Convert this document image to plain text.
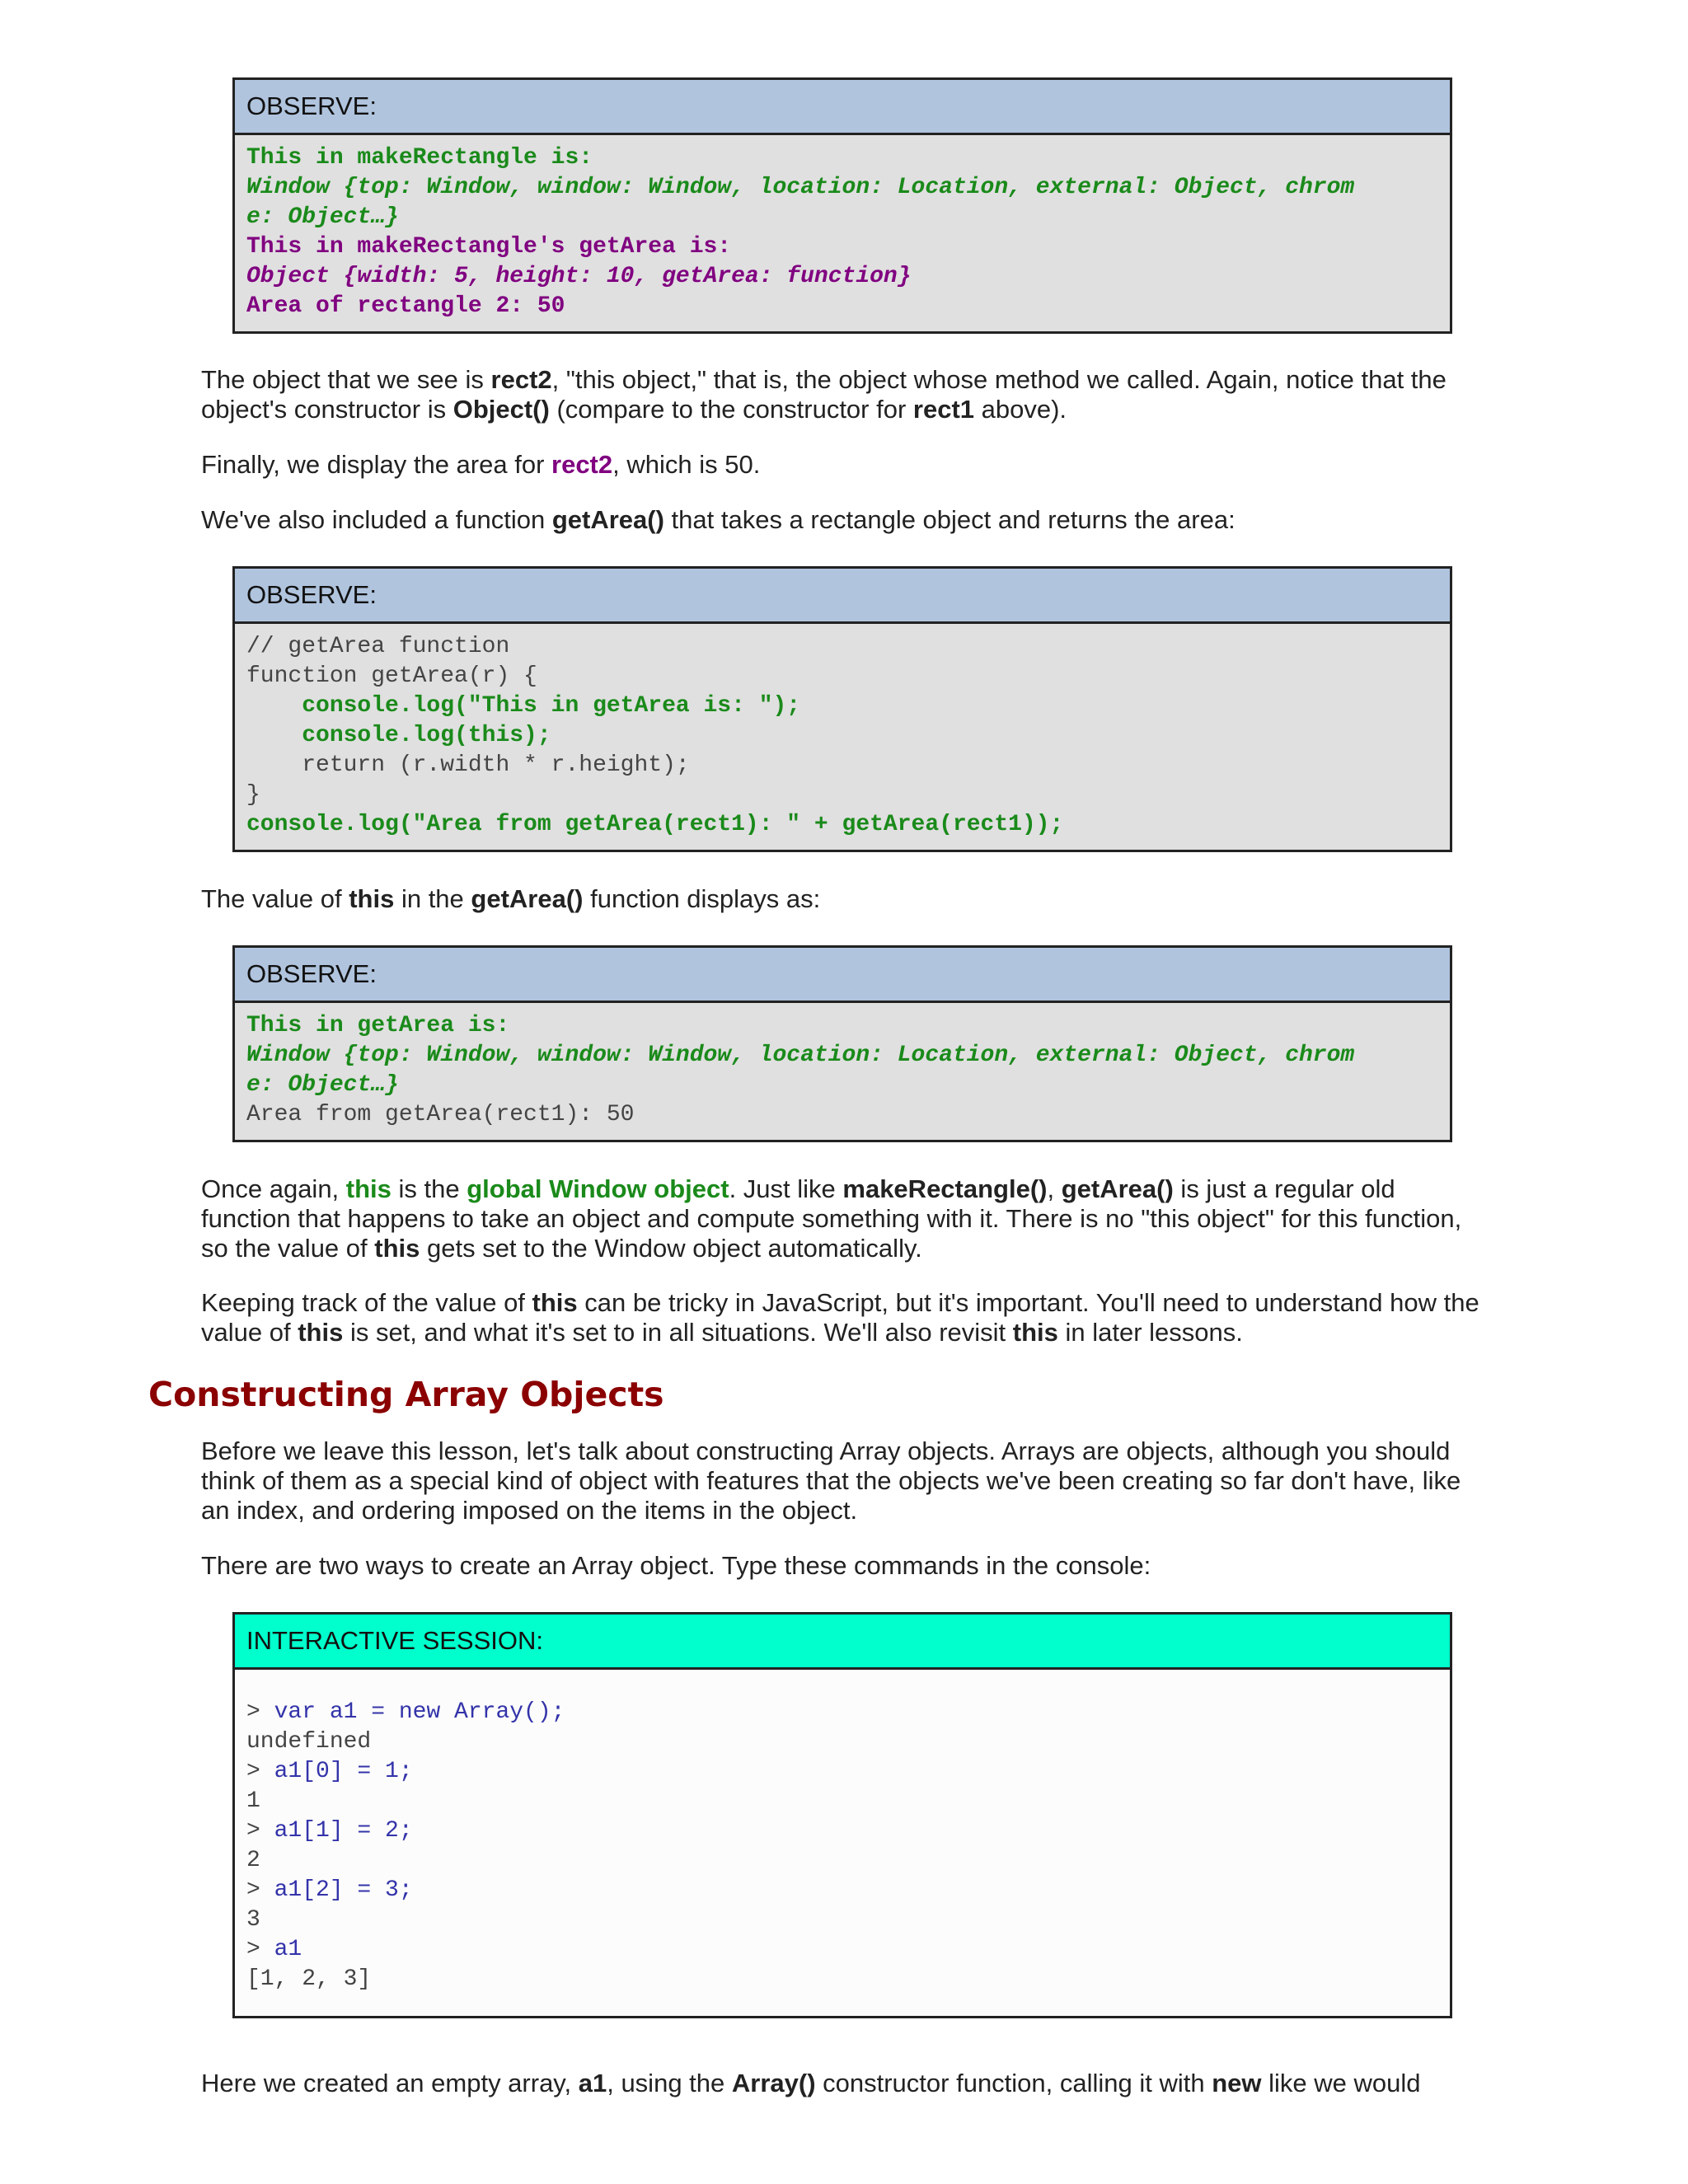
OBSERVE:
This in makeRectangle is:
Window {top: Window, window: Window, location: Location, external: Object, chrom
e: Object…}
This in makeRectangle's getArea is:
Object {width: 5, height: 10, getArea: function}
Area of rectangle 2: 50
The object that we see is rect2, "this object," that is, the object whose method we called. Again, notice that the object's constructor is Object() (compare to the constructor for rect1 above).
Finally, we display the area for rect2, which is 50.
We've also included a function getArea() that takes a rectangle object and returns the area:
OBSERVE:
// getArea function
function getArea(r) {
console.log("This in getArea is: ");
console.log(this);
return (r.width * r.height);
}
console.log("Area from getArea(rect1): " + getArea(rect1));
The value of this in the getArea() function displays as:
OBSERVE:
This in getArea is:
Window {top: Window, window: Window, location: Location, external: Object, chrom
e: Object…}
Area from getArea(rect1): 50
Once again, this is the global Window object. Just like makeRectangle(), getArea() is just a regular old function that happens to take an object and compute something with it. There is no "this object" for this function, so the value of this gets set to the Window object automatically.
Keeping track of the value of this can be tricky in JavaScript, but it's important. You'll need to understand how the value of this is set, and what it's set to in all situations. We'll also revisit this in later lessons.
Constructing Array Objects
Before we leave this lesson, let's talk about constructing Array objects. Arrays are objects, although you should think of them as a special kind of object with features that the objects we've been creating so far don't have, like an index, and ordering imposed on the items in the object.
There are two ways to create an Array object. Type these commands in the console:
INTERACTIVE SESSION:
> var a1 = new Array();
undefined
> a1[0] = 1;
1
> a1[1] = 2;
2
> a1[2] = 3;
3
> a1
[1, 2, 3]
Here we created an empty array, a1, using the Array() constructor function, calling it with new like we would
